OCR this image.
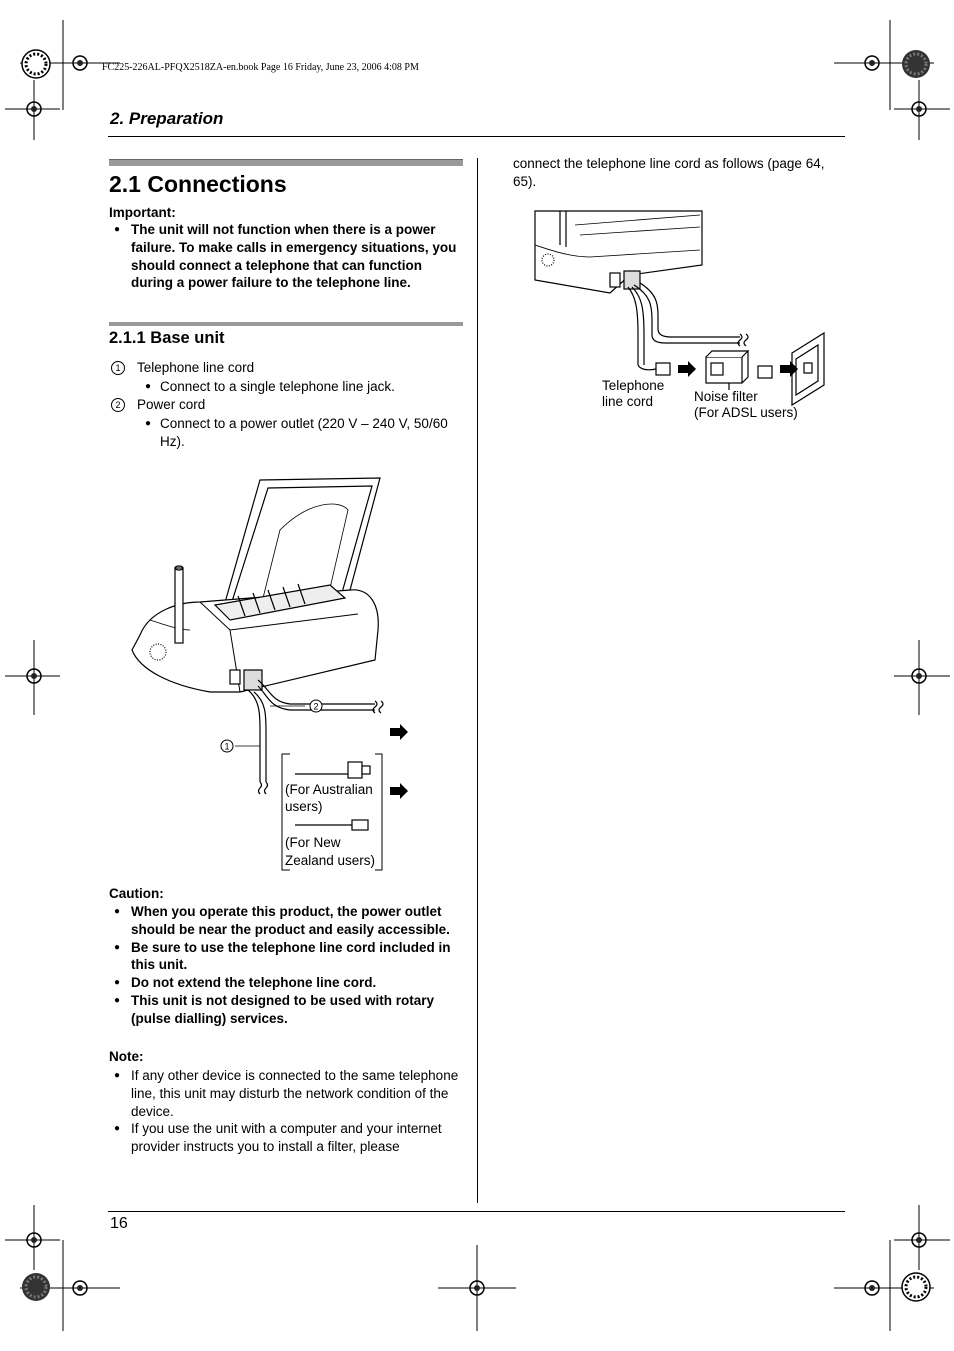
FC225-226AL-PFQX2518ZA-en.book Page 16 Friday, June 23, 2006 4:08 PM
2. Preparation
2.1 Connections
Important:
● The unit will not function when there is a power failure. To make calls in emergency situations, you should connect a telephone that can function during a power failure to the telephone line.
2.1.1 Base unit
1 Telephone line cord
● Connect to a single telephone line jack.
2 Power cord
● Connect to a power outlet (220 V – 240 V, 50/60 Hz).
1
2
(For Australian
users)
(For New
Zealand users)
Caution:
● When you operate this product, the power outlet should be near the product and easily accessible.
● Be sure to use the telephone line cord included in this unit.
● Do not extend the telephone line cord.
● This unit is not designed to be used with rotary (pulse dialling) services.
Note:
● If any other device is connected to the same telephone line, this unit may disturb the network condition of the device.
● If you use the unit with a computer and your internet provider instructs you to install a filter, please
connect the telephone line cord as follows (page 64, 65).
Telephone
line cord	Noise filter
(For ADSL users)
16
